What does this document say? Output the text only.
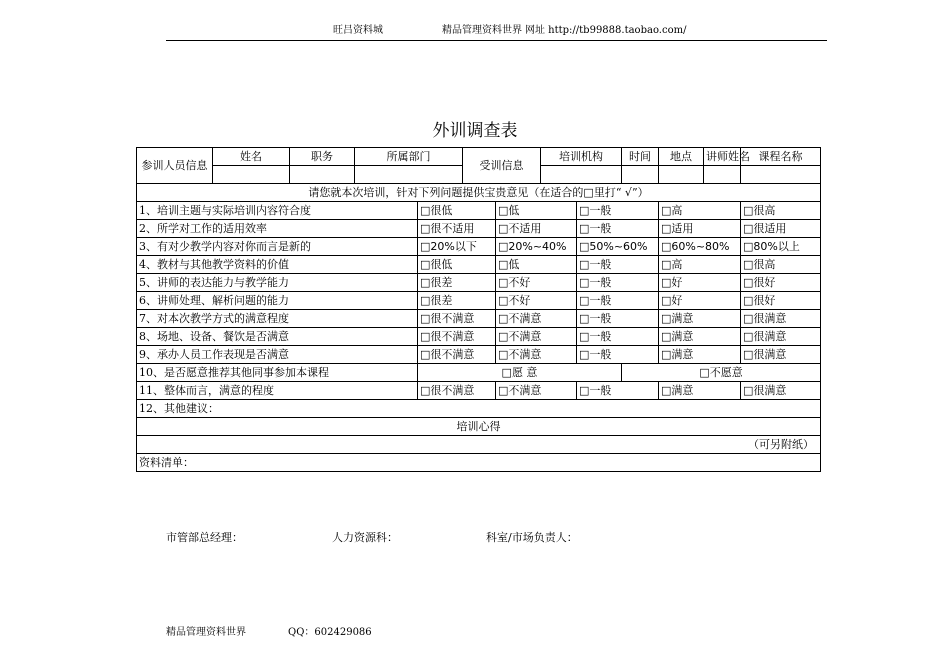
旺吕资料城	精品管理资料世界 网址 http://tb99888.taobao.com/
外训调查表
参训人员信息	姓名	职务	所属部门		受训信息		培训机构		时间	地点	讲师姓名	课程名称

请您就本次培训，针对下列问题提供宝贵意见（在适合的□里打“ √”）												
1、培训主题与实际培训内容符合度				□很低		□低		□一般		□高		□很高
2、所学对工作的适用效率				□很不适用		□不适用		□一般		□适用		□很适用
3、有对少教学内容对你而言是新的				□20%以下		□20%~40%		□50%~60%		□60%~80%		□80%以上
4、教材与其他教学资料的价值				□很低		□低		□一般		□高		□很高
5、讲师的表达能力与教学能力				□很差		□不好		□一般		□好		□很好
6、讲师处理、解析问题的能力				□很差		□不好		□一般		□好		□很好
7、对本次教学方式的满意程度				□很不满意		□不满意		□一般		□满意		□很满意
8、场地、设备、餐饮是否满意				□很不满意		□不满意		□一般		□满意		□很满意
9、承办人员工作表现是否满意				□很不满意		□不满意		□一般		□满意		□很满意
10、是否愿意推荐其他同事参加本课程				□愿 意					□不愿意			
11、整体而言，满意的程度				□很不满意		□不满意		□一般		□满意		□很满意
12、其他建议：												
培训心得												
（可另附纸）												
资料清单：												
市管部总经理：	人力资源科：	科室/市场负责人：
精品管理资料世界	QQ：602429086
